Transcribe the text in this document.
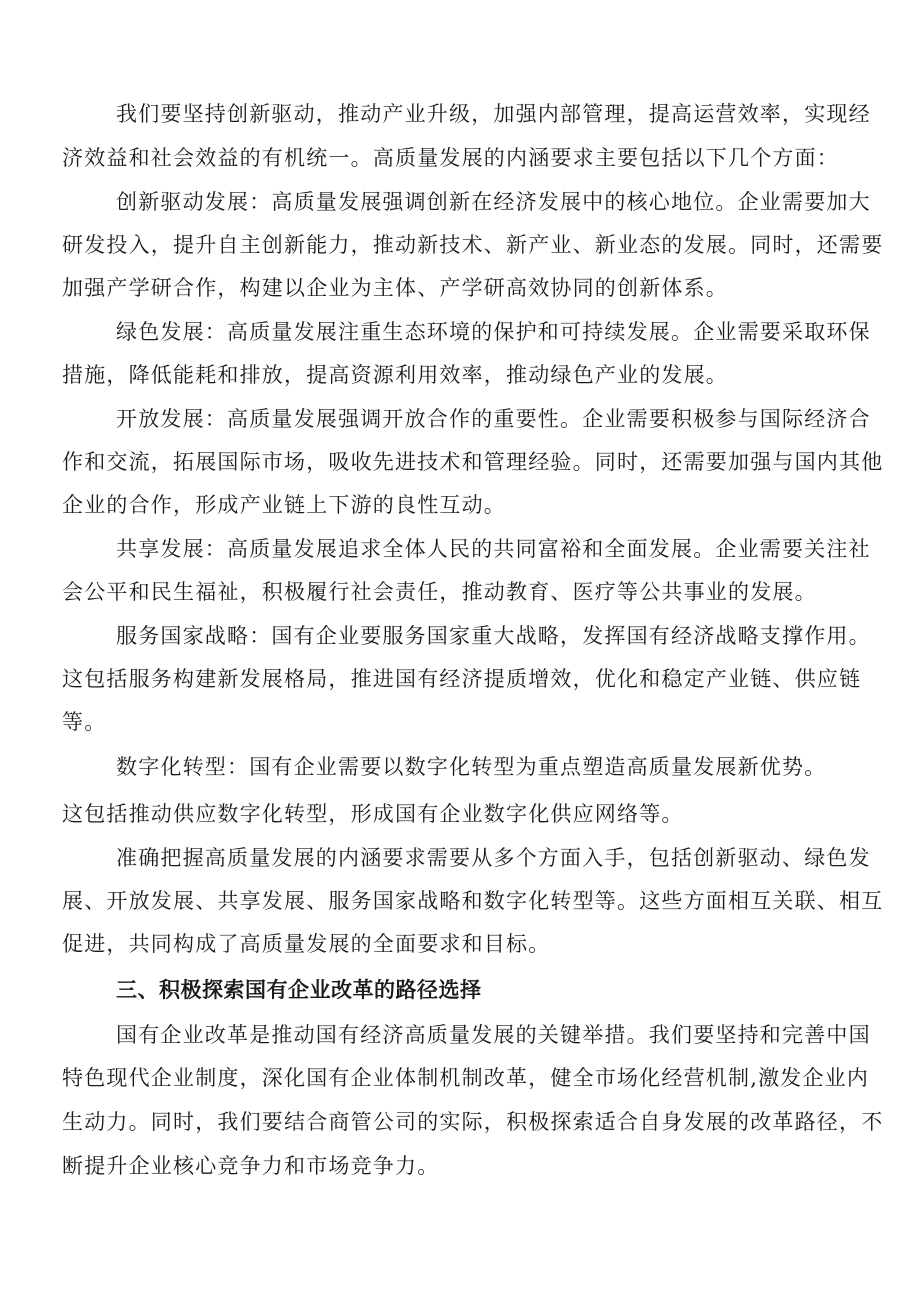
我们要坚持创新驱动，推动产业升级，加强内部管理，提高运营效率，实现经
济效益和社会效益的有机统一。高质量发展的内涵要求主要包括以下几个方面：
创新驱动发展：高质量发展强调创新在经济发展中的核心地位。企业需要加大
研发投入，提升自主创新能力，推动新技术、新产业、新业态的发展。同时，还需要
加强产学研合作，构建以企业为主体、产学研高效协同的创新体系。
绿色发展：高质量发展注重生态环境的保护和可持续发展。企业需要采取环保
措施，降低能耗和排放，提高资源利用效率，推动绿色产业的发展。
开放发展：高质量发展强调开放合作的重要性。企业需要积极参与国际经济合
作和交流，拓展国际市场，吸收先进技术和管理经验。同时，还需要加强与国内其他
企业的合作，形成产业链上下游的良性互动。
共享发展：高质量发展追求全体人民的共同富裕和全面发展。企业需要关注社
会公平和民生福祉，积极履行社会责任，推动教育、医疗等公共事业的发展。
服务国家战略：国有企业要服务国家重大战略，发挥国有经济战略支撑作用。
这包括服务构建新发展格局，推进国有经济提质增效，优化和稳定产业链、供应链
等。
数字化转型：国有企业需要以数字化转型为重点塑造高质量发展新优势。
这包括推动供应数字化转型，形成国有企业数字化供应网络等。
准确把握高质量发展的内涵要求需要从多个方面入手，包括创新驱动、绿色发
展、开放发展、共享发展、服务国家战略和数字化转型等。这些方面相互关联、相互
促进，共同构成了高质量发展的全面要求和目标。
三、积极探索国有企业改革的路径选择
国有企业改革是推动国有经济高质量发展的关键举措。我们要坚持和完善中国
特色现代企业制度，深化国有企业体制机制改革，健全市场化经营机制,激发企业内
生动力。同时，我们要结合商管公司的实际，积极探索适合自身发展的改革路径，不
断提升企业核心竞争力和市场竞争力。
